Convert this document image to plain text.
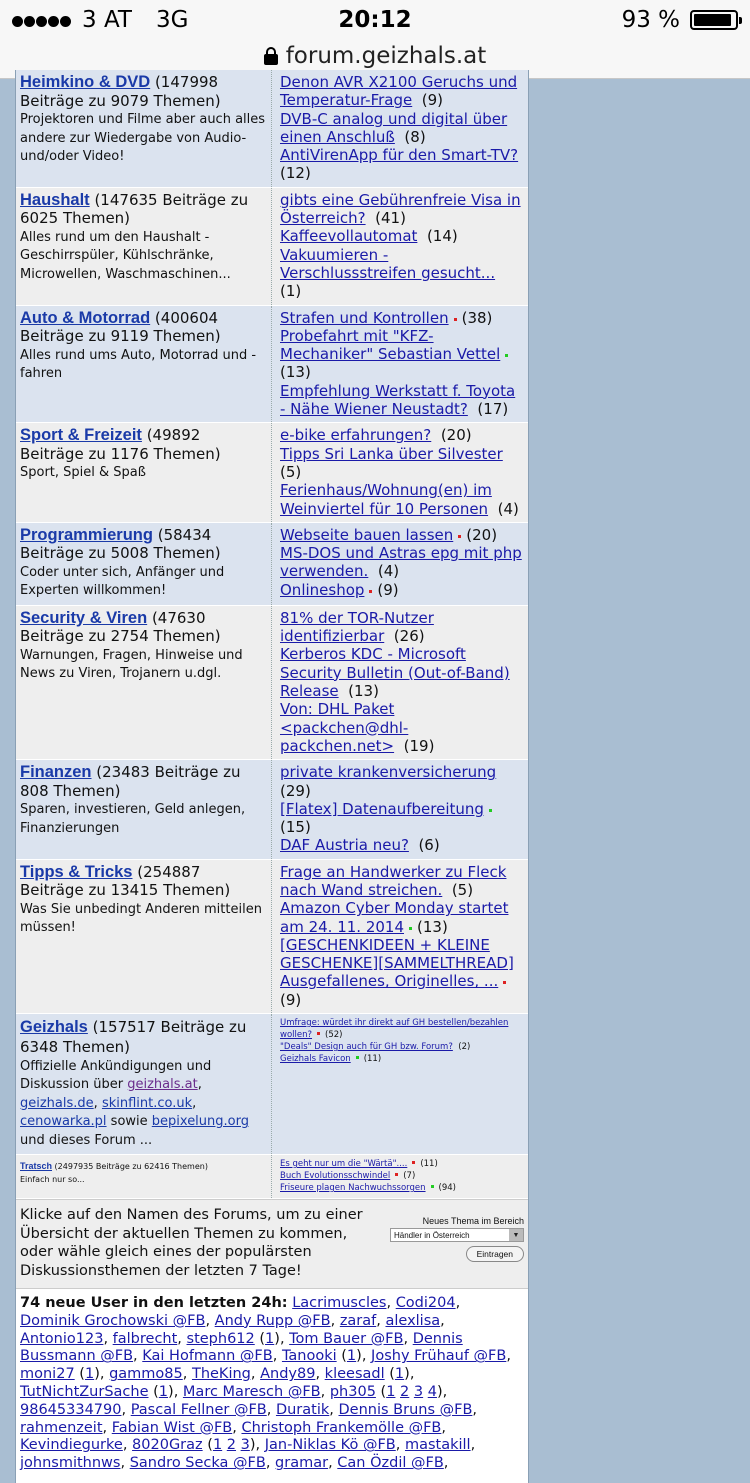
3 AT 3G	20:12	93 %
forum.geizhals.at
Heimkino & DVD (147998 Beiträge zu 9079 Themen)
Projektoren und Filme aber auch alles andere zur Wiedergabe von Audio- und/oder Video!
Denon AVR X2100 Geruchs und Temperatur-Frage (9)
DVB-C analog und digital über einen Anschluß (8)
AntiVirenApp für den Smart-TV?  (12)
Haushalt (147635 Beiträge zu 6025 Themen)
Alles rund um den Haushalt - Geschirrspüler, Kühlschränke, Microwellen, Waschmaschinen...
gibts eine Gebührenfreie Visa in Österreich? (41)
Kaffeevollautomat (14)
Vakuumieren - Verschlussstreifen gesucht...  (1)
Auto & Motorrad (400604 Beiträge zu 9119 Themen)
Alles rund ums Auto, Motorrad und -fahren
Strafen und Kontrollen (38)
Probefahrt mit "KFZ-Mechaniker" Sebastian Vettel(13)
Empfehlung Werkstatt f. Toyota - Nähe Wiener Neustadt? (17)
Sport & Freizeit (49892 Beiträge zu 1176 Themen)
Sport, Spiel & Spaß
e-bike erfahrungen? (20)
Tipps Sri Lanka über Silvester  (5)
Ferienhaus/Wohnung(en) im Weinviertel für 10 Personen (4)
Programmierung (58434 Beiträge zu 5008 Themen)
Coder unter sich, Anfänger und Experten willkommen!
Webseite bauen lassen (20)
MS-DOS und Astras epg mit php verwenden. (4)
Onlineshop (9)
Security & Viren (47630 Beiträge zu 2754 Themen)
Warnungen, Fragen, Hinweise und News zu Viren, Trojanern u.dgl.
81% der TOR-Nutzer identifizierbar (26)
Kerberos KDC - Microsoft Security Bulletin (Out-of-Band) Release (13)
Von: DHL Paket <packchen@dhl-packchen.net> (19)
Finanzen (23483 Beiträge zu 808 Themen)
Sparen, investieren, Geld anlegen, Finanzierungen
private krankenversicherung  (29)
[Flatex] Datenaufbereitung(15)
DAF Austria neu? (6)
Tipps & Tricks (254887 Beiträge zu 13415 Themen)
Was Sie unbedingt Anderen mitteilen müssen!
Frage an Handwerker zu Fleck nach Wand streichen. (5)
Amazon Cyber Monday startet am 24. 11. 2014 (13)
[GESCHENKIDEEN + KLEINE GESCHENKE][SAMMELTHREAD] Ausgefallenes, Originelles, ...(9)
Geizhals (157517 Beiträge zu 6348 Themen)
Offizielle Ankündigungen und Diskussion über geizhals.at, geizhals.de, skinflint.co.uk, cenowarka.pl sowie bepixelung.org und dieses Forum ...
Umfrage: würdet ihr direkt auf GH bestellen/bezahlen wollen? (52)
"Deals" Design auch für GH bzw. Forum? (2)
Geizhals Favicon (11)
Tratsch (2497935 Beiträge zu 62416 Themen)
Einfach nur so...
Es geht nur um die "Wärtä".... (11)
Buch Evolutionsschwindel (7)
Friseure plagen Nachwuchssorgen (94)
Klicke auf den Namen des Forums, um zu einer Übersicht der aktuellen Themen zu kommen, oder wähle gleich eines der populärsten Diskussionsthemen der letzten 7 Tage!
Neues Thema im Bereich
Händler in Österreich	▼
Eintragen
74 neue User in den letzten 24h: Lacrimuscles, Codi204, Dominik Grochowski @FB, Andy Rupp @FB, zaraf, alexlisa, Antonio123, falbrecht, steph612 (1), Tom Bauer @FB, Dennis Bussmann @FB, Kai Hofmann @FB, Tanooki (1), Joshy Frühauf @FB, moni27 (1), gammo85, TheKing, Andy89, kleesadl (1), TutNichtZurSache (1), Marc Maresch @FB, ph305 (1 2 3 4), 98645334790, Pascal Fellner @FB, Duratik, Dennis Bruns @FB, rahmenzeit, Fabian Wist @FB, Christoph Frankemölle @FB, Kevindiegurke, 8020Graz (1 2 3), Jan-Niklas Kö @FB, mastakill, johnsmithnws, Sandro Secka @FB, gramar, Can Özdil @FB,
